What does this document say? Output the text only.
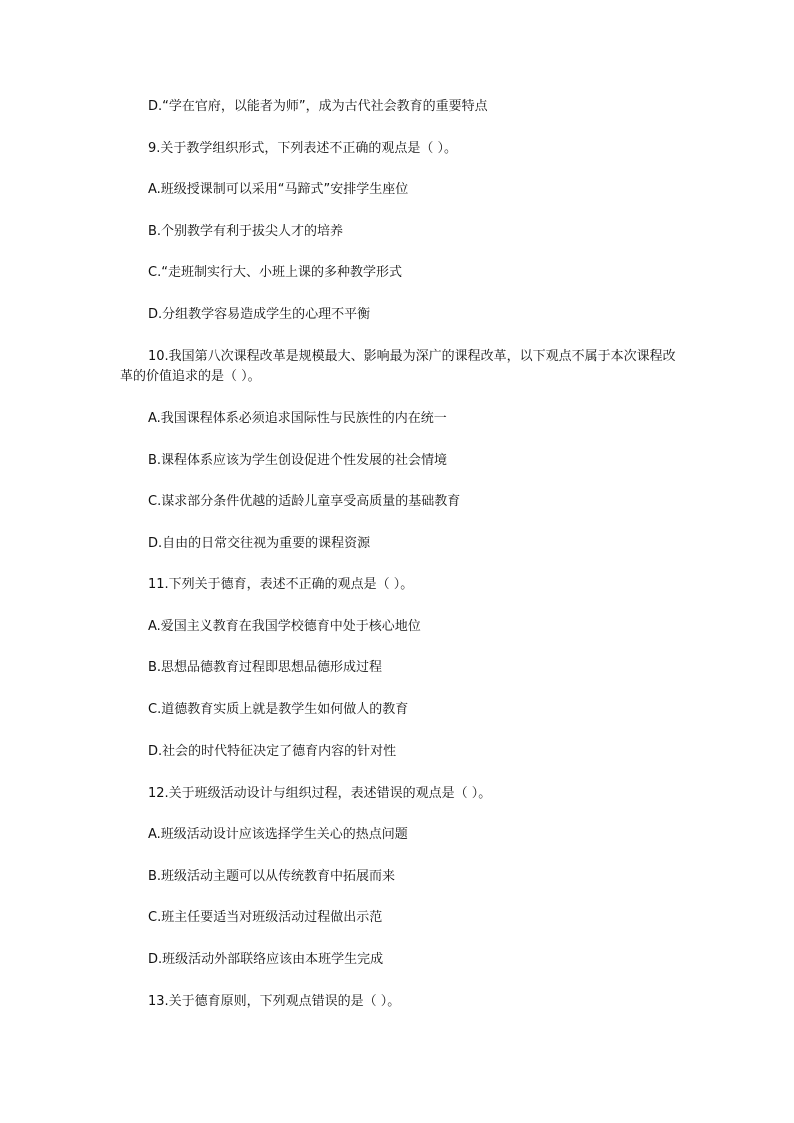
D.“学在官府，以能者为师”，成为古代社会教育的重要特点
9.关于教学组织形式，下列表述不正确的观点是（ ）。
A.班级授课制可以采用“马蹄式”安排学生座位
B.个别教学有利于拔尖人才的培养
C.“走班制实行大、小班上课的多种教学形式
D.分组教学容易造成学生的心理不平衡
10.我国第八次课程改革是规模最大、影响最为深广的课程改革，以下观点不属于本次课程改革的价值追求的是（ ）。
A.我国课程体系必须追求国际性与民族性的内在统一
B.课程体系应该为学生创设促进个性发展的社会情境
C.谋求部分条件优越的适龄儿童享受高质量的基础教育
D.自由的日常交往视为重要的课程资源
11.下列关于德育，表述不正确的观点是（ ）。
A.爱国主义教育在我国学校德育中处于核心地位
B.思想品德教育过程即思想品德形成过程
C.道德教育实质上就是教学生如何做人的教育
D.社会的时代特征决定了德育内容的针对性
12.关于班级活动设计与组织过程，表述错误的观点是（ ）。
A.班级活动设计应该选择学生关心的热点问题
B.班级活动主题可以从传统教育中拓展而来
C.班主任要适当对班级活动过程做出示范
D.班级活动外部联络应该由本班学生完成
13.关于德育原则，下列观点错误的是（ ）。
